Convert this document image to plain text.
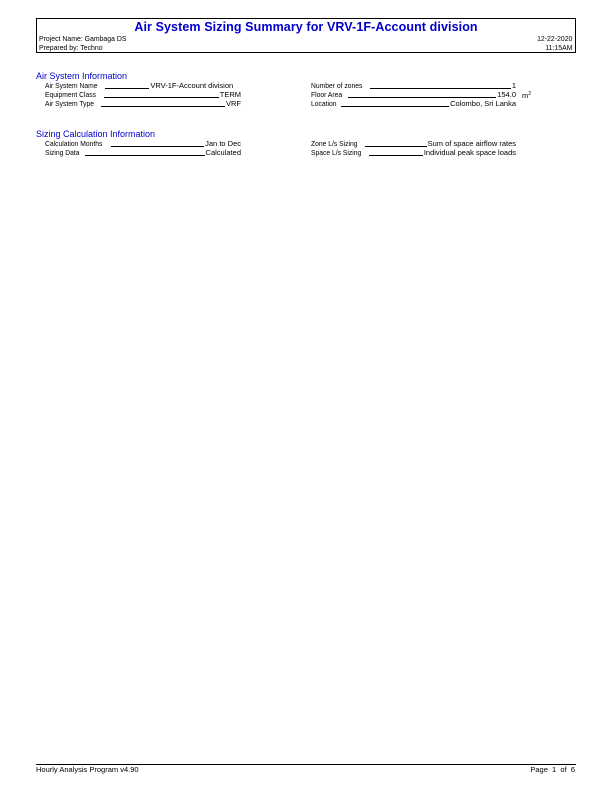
Air System Sizing Summary for VRV-1F-Account division
Project Name: Gambaga DS
Prepared by: Techno
12-22-2020
11:15AM
Air System Information
Air System Name	VRV-1F-Account division
Equipment Class	TERM
Air System Type	VRF
Number of zones	1
Floor Area	154.0 $m^2$
Location	Colombo, Sri Lanka
Sizing Calculation Information
Calculation Months	Jan to Dec
Sizing Data	Calculated
Zone L/s Sizing	Sum of space airflow rates
Space L/s Sizing	Individual peak space loads
Hourly Analysis Program v4.90	Page  1  of  6
